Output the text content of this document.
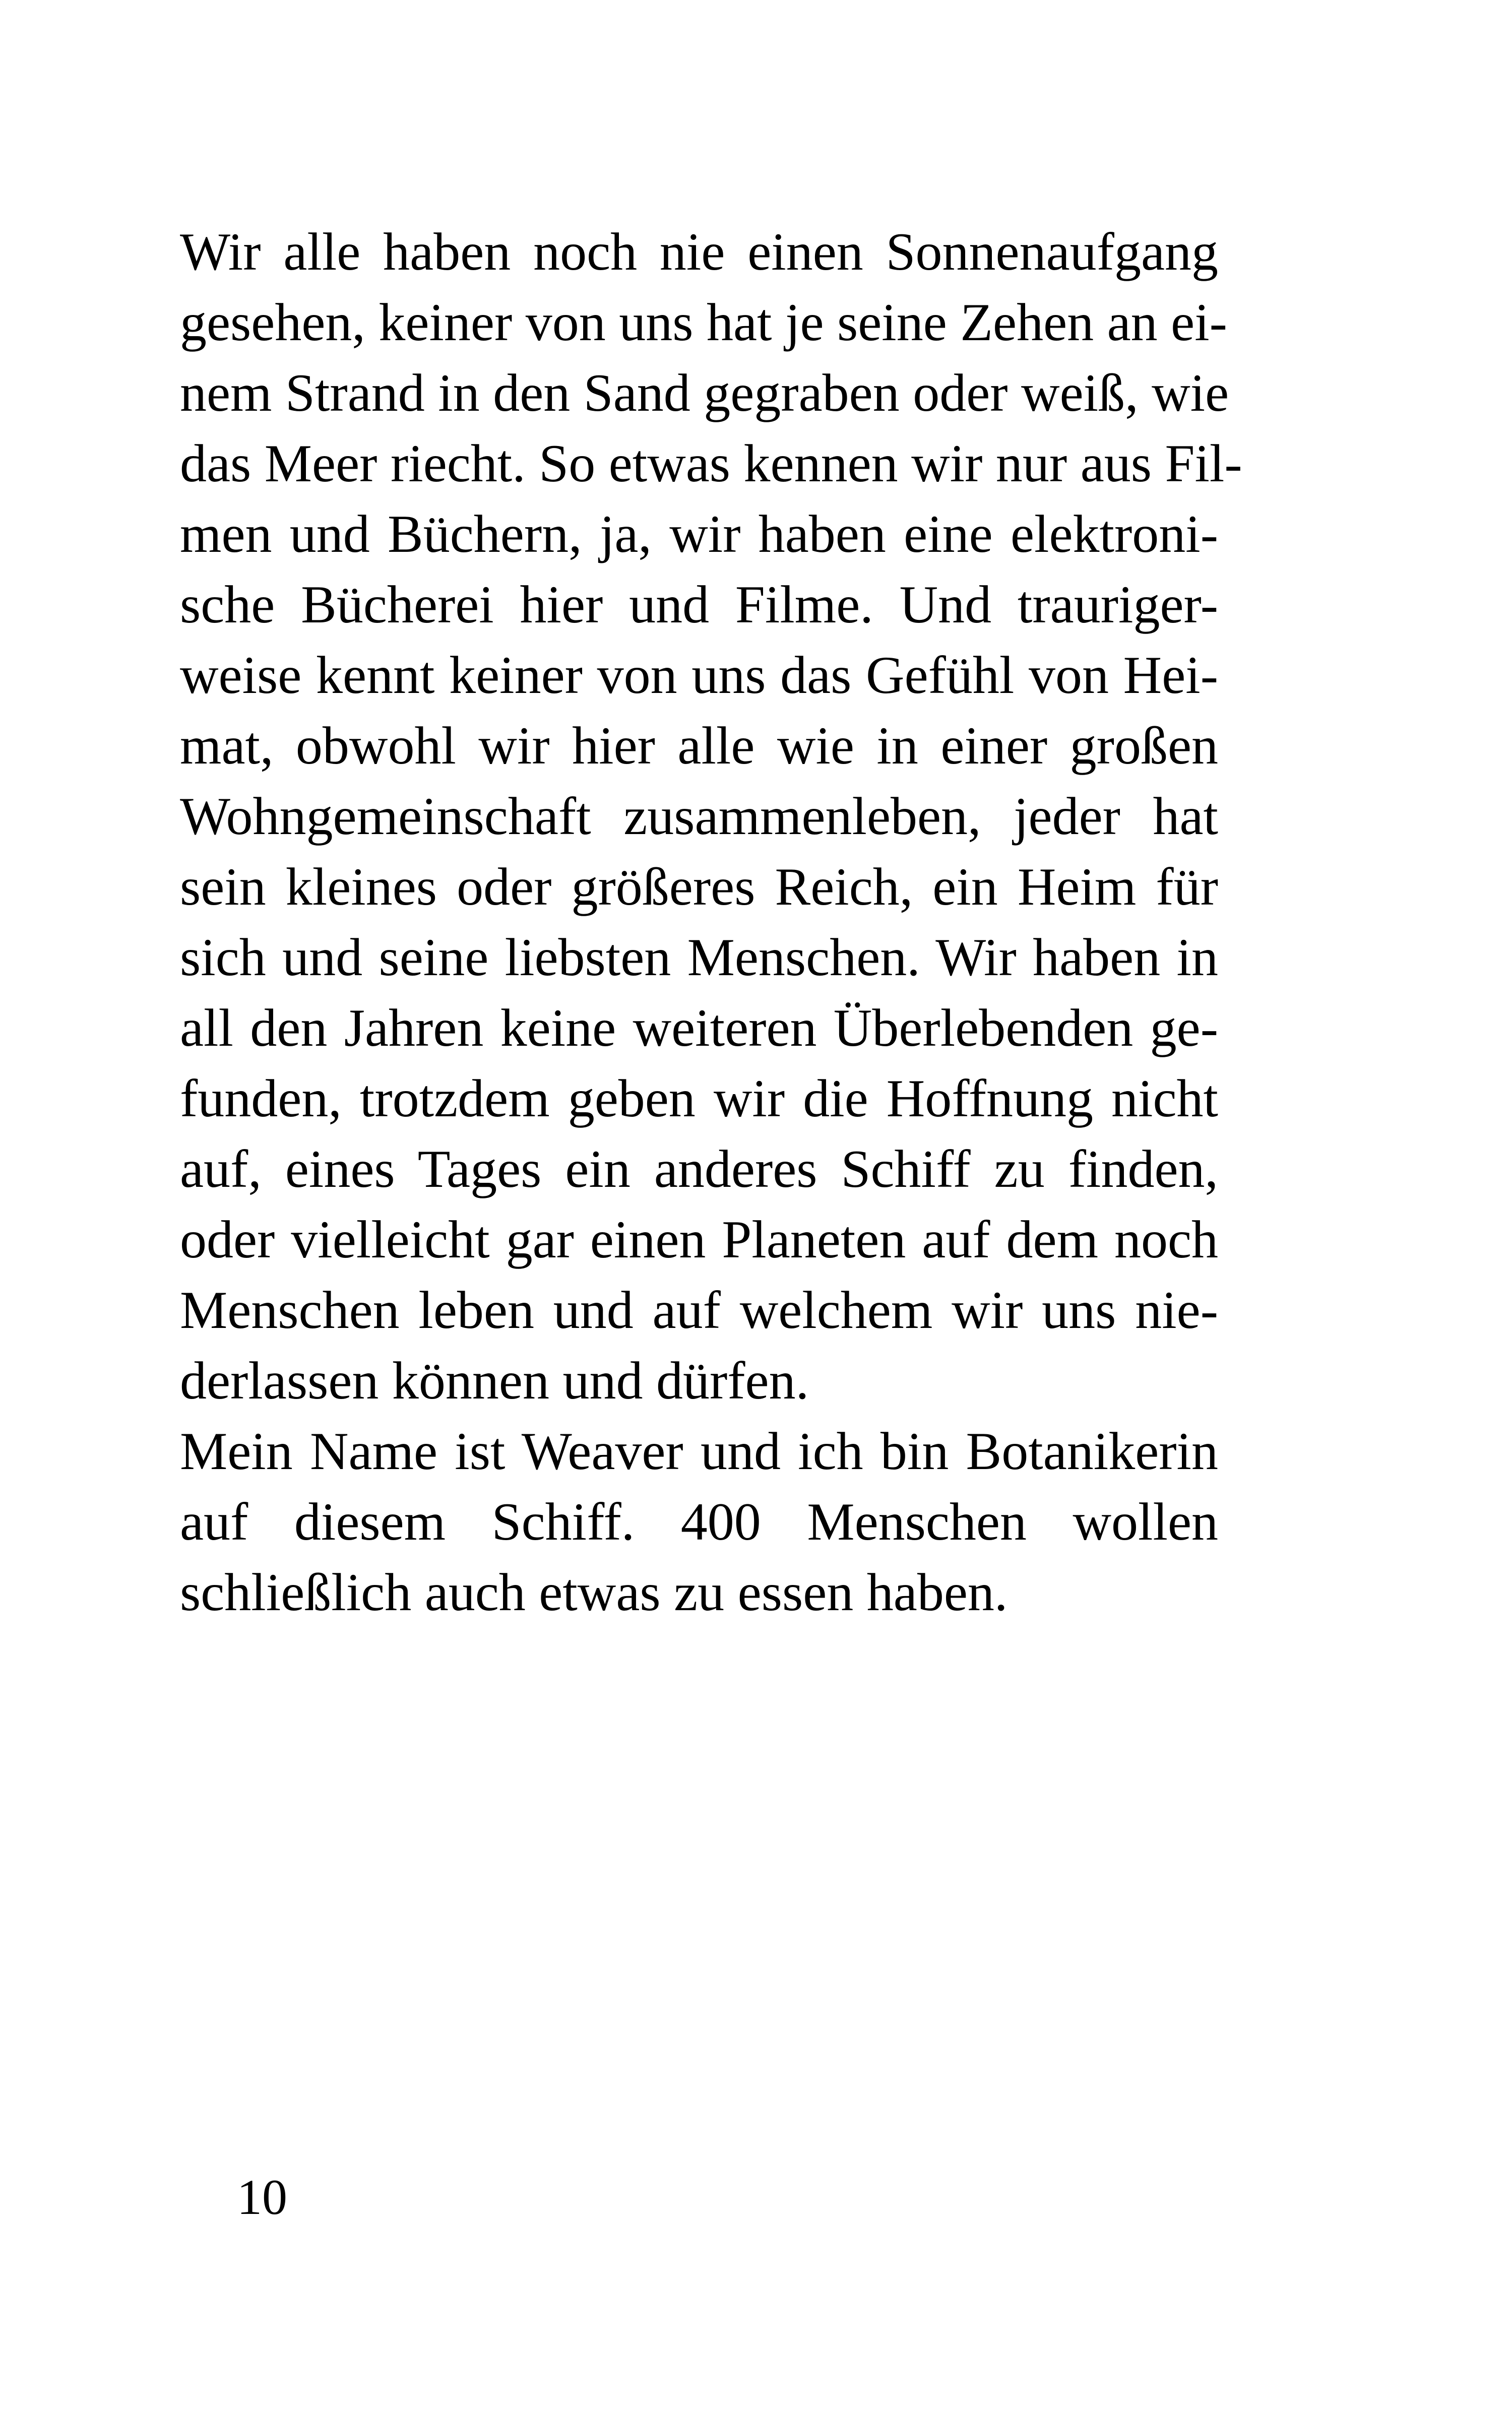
Wir alle haben noch nie einen Sonnenaufgang
gesehen, keiner von uns hat je seine Zehen an ei-
nem Strand in den Sand gegraben oder weiß, wie
das Meer riecht. So etwas kennen wir nur aus Fil-
men und Büchern, ja, wir haben eine elektroni-
sche Bücherei hier und Filme. Und trauriger-
weise kennt keiner von uns das Gefühl von Hei-
mat, obwohl wir hier alle wie in einer großen
Wohngemeinschaft zusammenleben, jeder hat
sein kleines oder größeres Reich, ein Heim für
sich und seine liebsten Menschen. Wir haben in
all den Jahren keine weiteren Überlebenden ge-
funden, trotzdem geben wir die Hoffnung nicht
auf, eines Tages ein anderes Schiff zu finden,
oder vielleicht gar einen Planeten auf dem noch
Menschen leben und auf welchem wir uns nie-
derlassen können und dürfen.
Mein Name ist Weaver und ich bin Botanikerin
auf diesem Schiff. 400 Menschen wollen
schließlich auch etwas zu essen haben.
10
